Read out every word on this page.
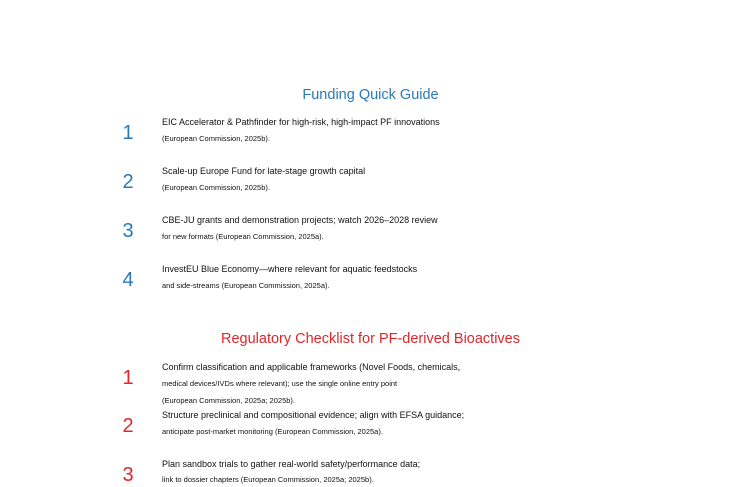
Funding Quick Guide
1	EIC Accelerator & Pathfinder for high-risk, high-impact PF innovations
(European Commission, 2025b).
2	Scale-up Europe Fund for late-stage growth capital
(European Commission, 2025b).
3	CBE-JU grants and demonstration projects; watch 2026–2028 review
for new formats (European Commission, 2025a).
4	InvestEU Blue Economy—where relevant for aquatic feedstocks
and side-streams (European Commission, 2025a).
Regulatory Checklist for PF-derived Bioactives
1	Confirm classification and applicable frameworks (Novel Foods, chemicals,
medical devices/IVDs where relevant); use the single online entry point
(European Commission, 2025a; 2025b).
2	Structure preclinical and compositional evidence; align with EFSA guidance;
anticipate post-market monitoring (European Commission, 2025a).
3	Plan sandbox trials to gather real-world safety/performance data;
link to dossier chapters (European Commission, 2025a; 2025b).
